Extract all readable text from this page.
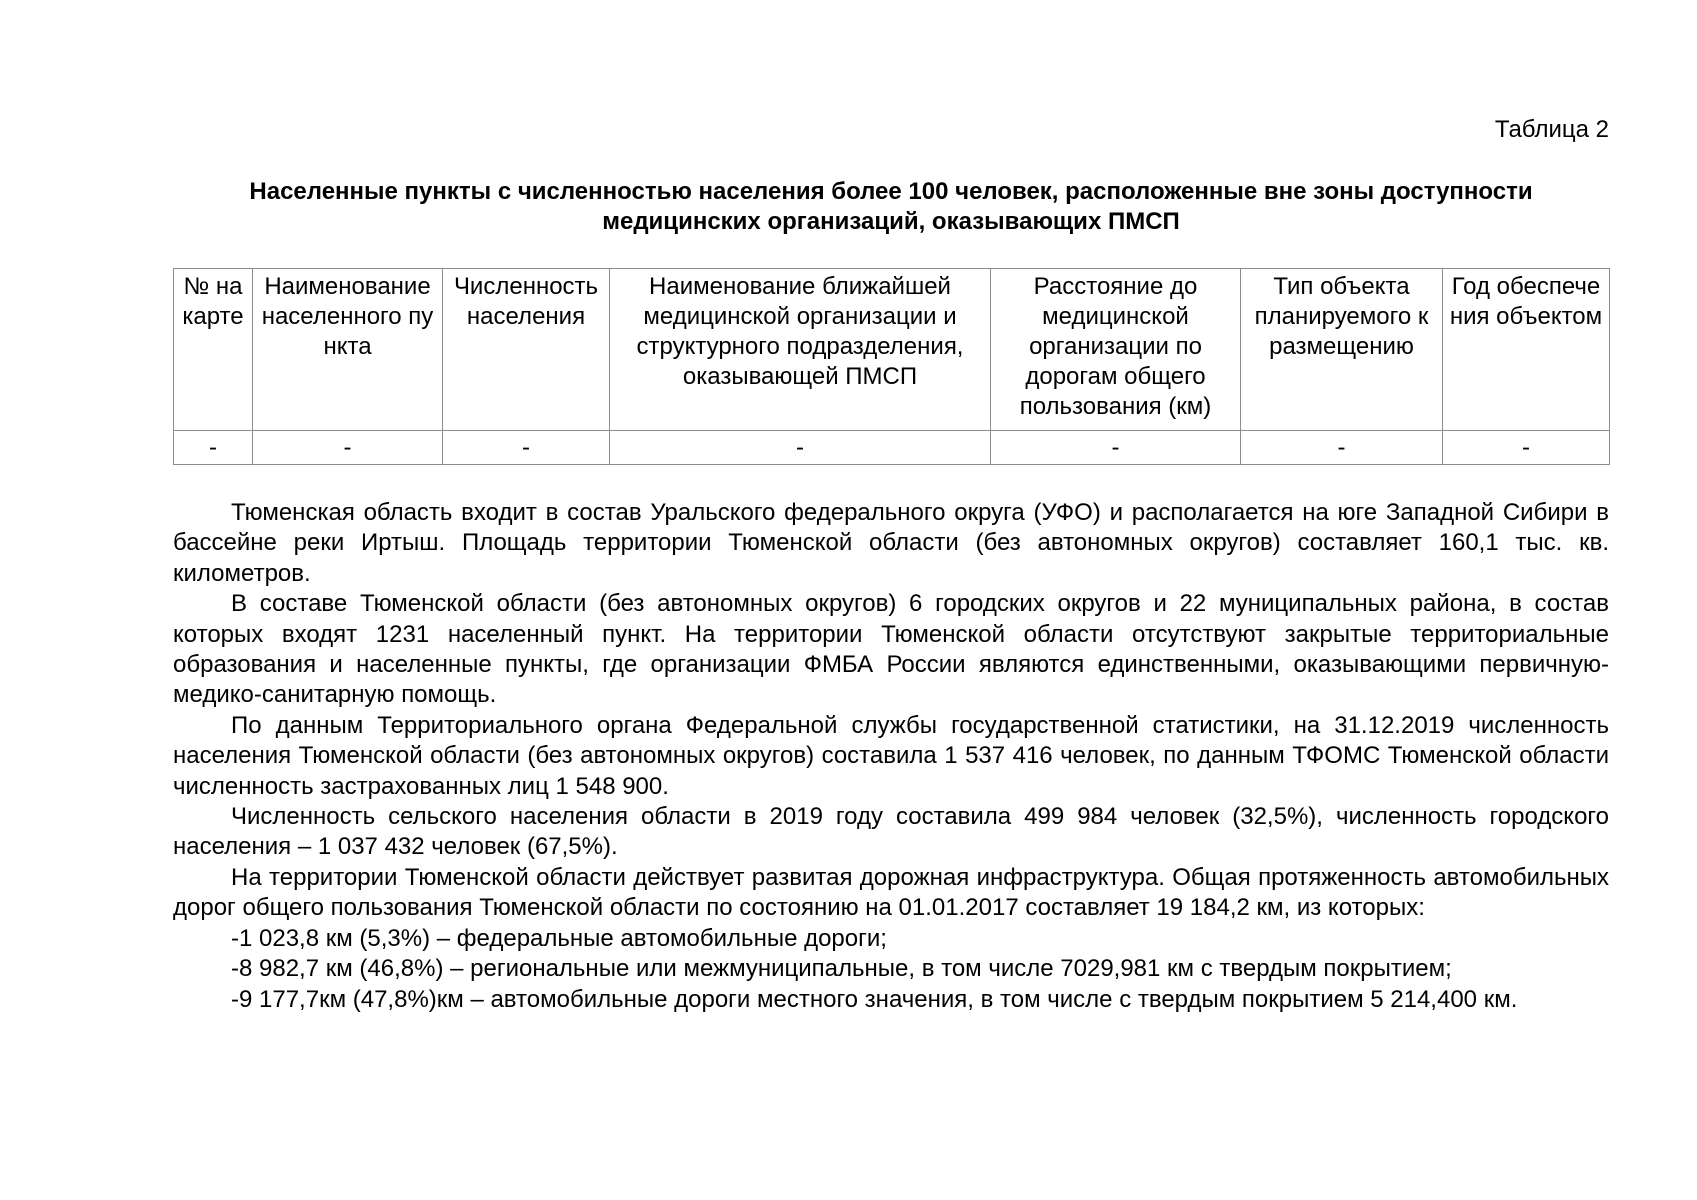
Таблица 2
Населенные пункты с численностью населения более 100 человек, расположенные вне зоны доступности
медицинских организаций, оказывающих ПМСП
№ на карте	Наименование населенного пункта	Численность населения	Наименование ближайшей медицинской организации и структурного подразделения, оказывающей ПМСП	Расстояние до медицинской организации по дорогам общего пользования (км)	Тип объекта планируемого к размещению	Год обеспечения объектом
-	-	-	-	-	-	-

Тюменская область входит в состав Уральского федерального округа (УФО) и располагается на юге Западной Сибири в бассейне реки Иртыш. Площадь территории Тюменской области (без автономных округов) составляет 160,1 тыс. кв. километров.

В составе Тюменской области (без автономных округов) 6 городских округов и 22 муниципальных района, в состав которых входят 1231 населенный пункт. На территории Тюменской области отсутствуют закрытые территориальные образования и населенные пункты, где организации ФМБА России являются единственными, оказывающими первичную-медико-санитарную помощь.

По данным Территориального органа Федеральной службы государственной статистики, на 31.12.2019 численность населения Тюменской области (без автономных округов) составила 1 537 416 человек, по данным ТФОМС Тюменской области численность застрахованных лиц 1 548 900.

Численность сельского населения области в 2019 году составила 499 984 человек (32,5%), численность городского населения – 1 037 432 человек (67,5%).

На территории Тюменской области действует развитая дорожная инфраструктура. Общая протяженность автомобильных дорог общего пользования Тюменской области по состоянию на 01.01.2017 составляет 19 184,2 км, из которых:

-1 023,8 км (5,3%) – федеральные автомобильные дороги;

-8 982,7 км (46,8%) – региональные или межмуниципальные, в том числе 7029,981 км с твердым покрытием;

-9 177,7км (47,8%)км – автомобильные дороги местного значения, в том числе с твердым покрытием 5 214,400 км.
